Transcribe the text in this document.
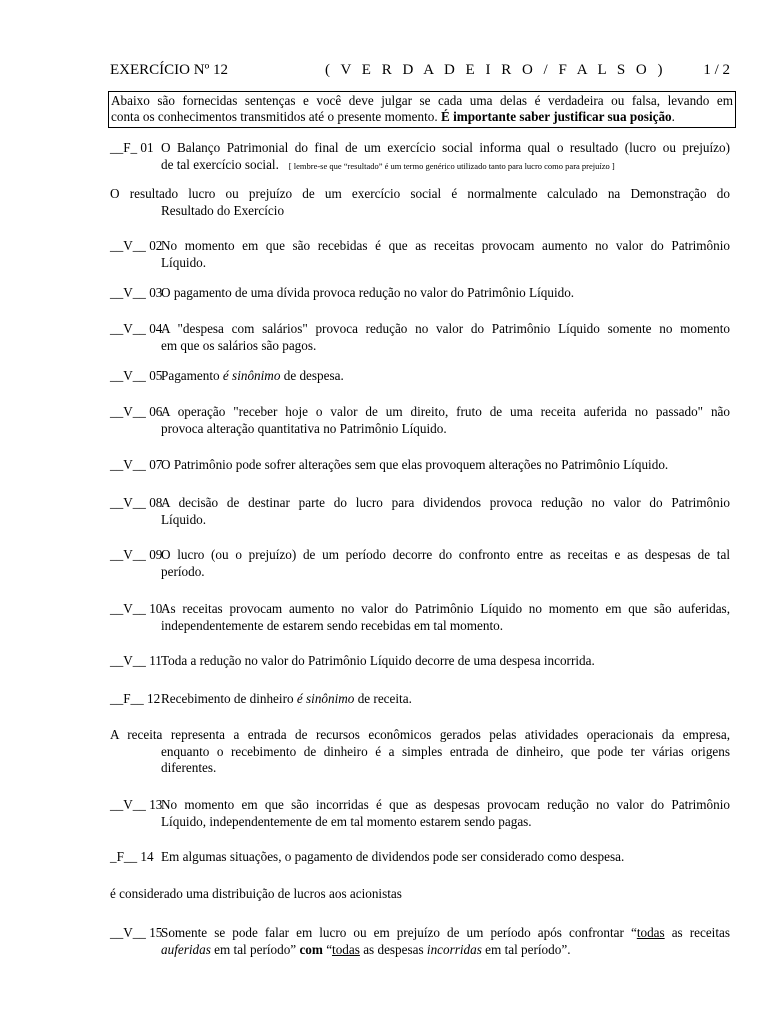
EXERCÍCIO Nº 12	( V E R D A D E I R O / F A L S O ) 1 / 2
Abaixo são fornecidas sentenças e você deve julgar se cada uma delas é verdadeira ou falsa, levando em
conta os conhecimentos transmitidos até o presente momento. É importante saber justificar sua posição.
__F_ 01 O Balanço Patrimonial do final de um exercício social informa qual o resultado (lucro ou prejuízo)
de tal exercício social. [ lembre-se que “resultado” é um termo genérico utilizado tanto para lucro como para prejuízo ]
O resultado lucro ou prejuízo de um exercício social é normalmente calculado na Demonstração do
Resultado do Exercício
__V__ 02
No momento em que são recebidas é que as receitas provocam aumento no valor do Patrimônio
Líquido.
__V__ 03
O pagamento de uma dívida provoca redução no valor do Patrimônio Líquido.
__V__ 04
A "despesa com salários" provoca redução no valor do Patrimônio Líquido somente no momento
em que os salários são pagos.
__V__ 05
Pagamento é sinônimo de despesa.
__V__ 06
A operação "receber hoje o valor de um direito, fruto de uma receita auferida no passado" não
provoca alteração quantitativa no Patrimônio Líquido.
__V__ 07
O Patrimônio pode sofrer alterações sem que elas provoquem alterações no Patrimônio Líquido.
__V__ 08
A decisão de destinar parte do lucro para dividendos provoca redução no valor do Patrimônio
Líquido.
__V__ 09
O lucro (ou o prejuízo) de um período decorre do confronto entre as receitas e as despesas de tal
período.
__V__ 10
As receitas provocam aumento no valor do Patrimônio Líquido no momento em que são auferidas,
independentemente de estarem sendo recebidas em tal momento.
__V__ 11 Toda a redução no valor do Patrimônio Líquido decorre de uma despesa incorrida.
__F__ 12 Recebimento de dinheiro é sinônimo de receita.
A receita representa a entrada de recursos econômicos gerados pelas atividades operacionais da empresa,
enquanto o recebimento de dinheiro é a simples entrada de dinheiro, que pode ter várias origens
diferentes.
__V__ 13
No momento em que são incorridas é que as despesas provocam redução no valor do Patrimônio
Líquido, independentemente de em tal momento estarem sendo pagas.
_F__ 14 Em algumas situações, o pagamento de dividendos pode ser considerado como despesa.
é considerado uma distribuição de lucros aos acionistas
__V__ 15
Somente se pode falar em lucro ou em prejuízo de um período após confrontar “todas as receitas
auferidas em tal período” com “todas as despesas incorridas em tal período”.
